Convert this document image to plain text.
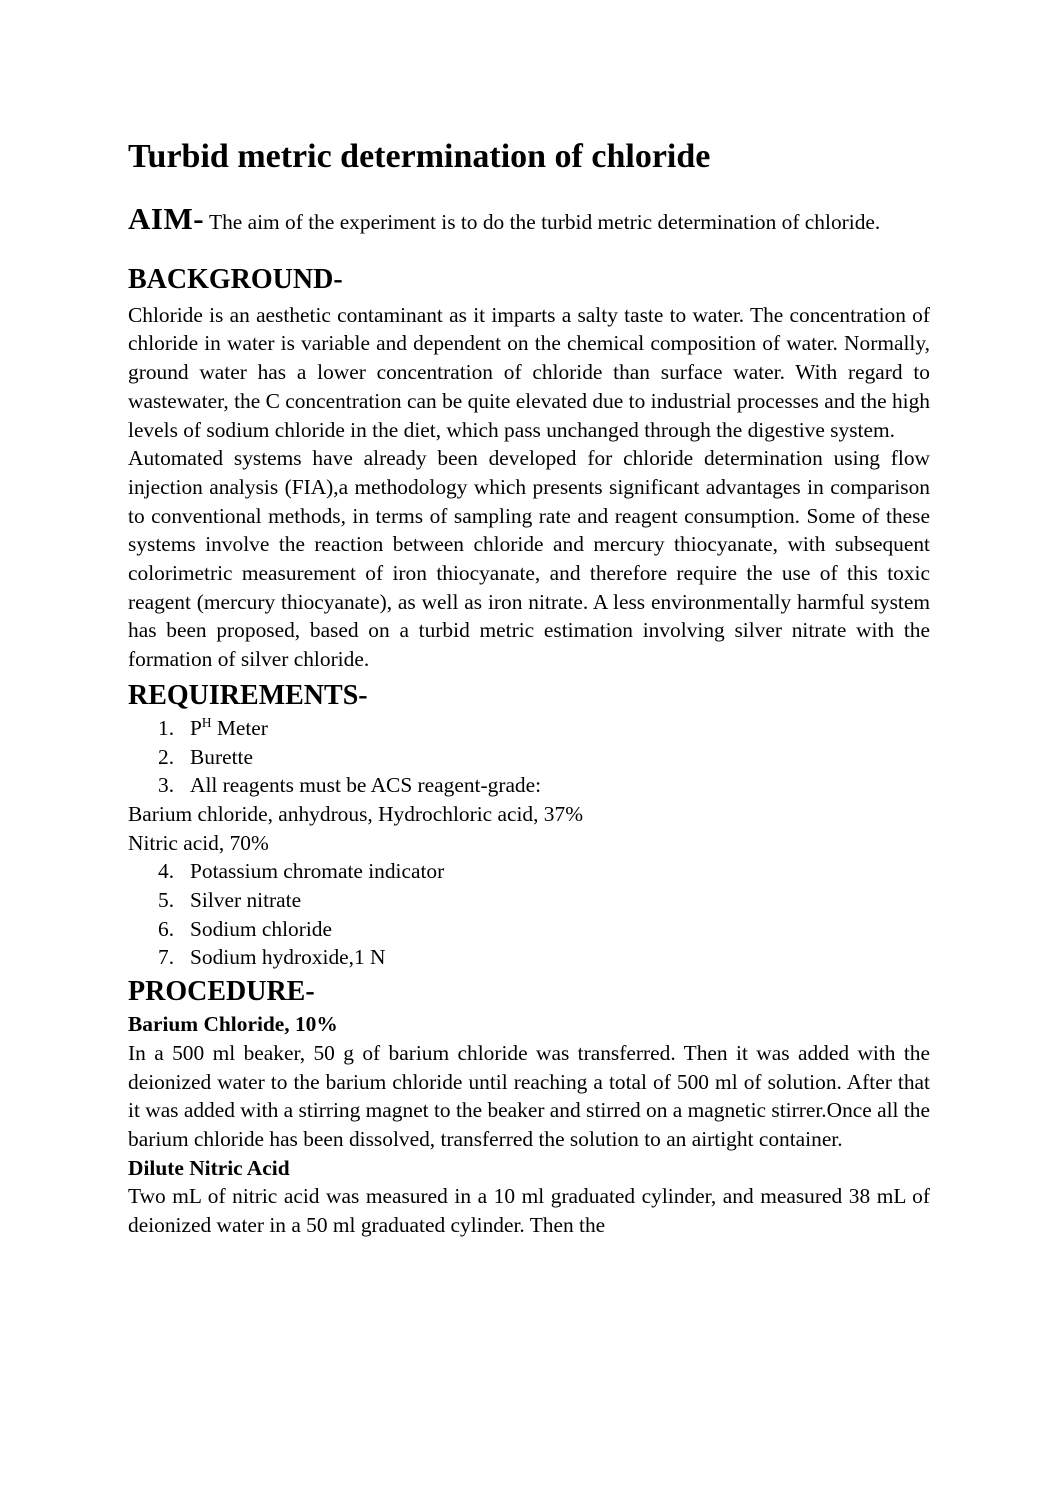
Turbid metric determination of chloride

AIM- The aim of the experiment is to do the turbid metric determination of chloride.

BACKGROUND-
Chloride is an aesthetic contaminant as it imparts a salty taste to water. The concentration of chloride in water is variable and dependent on the chemical composition of water. Normally, ground water has a lower concentration of chloride than surface water. With regard to wastewater, the C concentration can be quite elevated due to industrial processes and the high levels of sodium chloride in the diet, which pass unchanged through the digestive system.
Automated systems have already been developed for chloride determination using flow injection analysis (FIA),a methodology which presents significant advantages in comparison to conventional methods, in terms of sampling rate and reagent consumption. Some of these systems involve the reaction between chloride and mercury thiocyanate, with subsequent colorimetric measurement of iron thiocyanate, and therefore require the use of this toxic reagent (mercury thiocyanate), as well as iron nitrate. A less environmentally harmful system has been proposed, based on a turbid metric estimation involving silver nitrate with the formation of silver chloride.
REQUIREMENTS-
1. $P^H$ Meter
2. Burette
3. All reagents must be ACS reagent-grade:
Barium chloride, anhydrous, Hydrochloric acid, 37%
Nitric acid, 70%
4. Potassium chromate indicator
5. Silver nitrate
6. Sodium chloride
7. Sodium hydroxide,1 N
PROCEDURE-
Barium Chloride, 10%
In a 500 ml beaker, 50 g of barium chloride was transferred. Then it was added with the deionized water to the barium chloride until reaching a total of 500 ml of solution. After that it was added with a stirring magnet to the beaker and stirred on a magnetic stirrer.Once all the barium chloride has been dissolved, transferred the solution to an airtight container.
Dilute Nitric Acid
Two mL of nitric acid was measured in a 10 ml graduated cylinder, and measured 38 mL of deionized water in a 50 ml graduated cylinder. Then the
